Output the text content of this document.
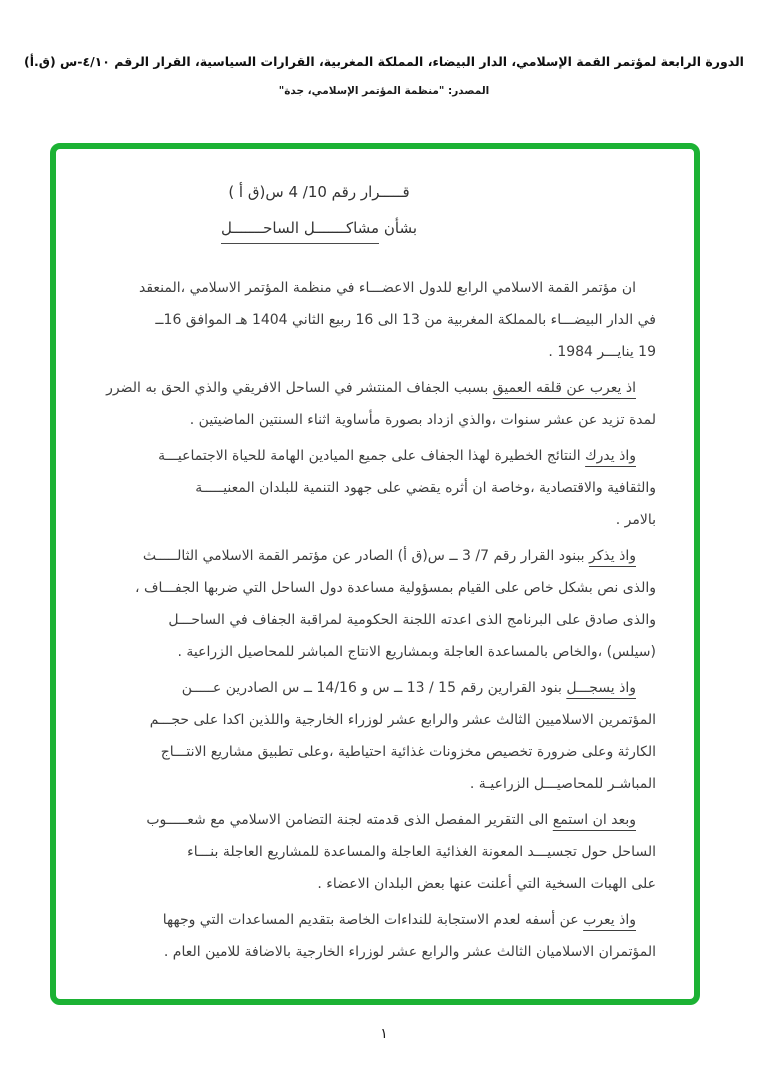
الدورة الرابعة لمؤتمر القمة الإسلامي، الدار البيضاء، المملكة المغربية، القرارات السياسية، القرار الرقم ٤/١٠-س (ق.أ)
المصدر: "منظمة المؤتمر الإسلامي، جدة"
قـــــرار رقم 10/ 4 س(ق أ )
بشأن مشاكـــــــل الساحـــــــل

ان مؤتمر القمة الاسلامي الرابع للدول الاعضـــاء في منظمة المؤتمر الاسلامي ،المنعقد
في الدار البيضـــاء بالمملكة المغربية من 13 الى 16 ربيع الثاني 1404 هـ الموافق 16ــ
19 ينايـــر 1984 .

اذ يعرب عن قلقه العميق بسبب الجفاف المنتشر في الساحل الافريقي والذي الحق به الضرر
لمدة تزيد عن عشر سنوات ،والذي ازداد بصورة مأساوية اثناء السنتين الماضيتين .

واذ يدرك النتائج الخطيرة لهذا الجفاف على جميع الميادين الهامة للحياة الاجتماعيـــة
والثقافية والاقتصادية ،وخاصة ان أثره يقضي على جهود التنمية للبلدان المعنيـــــة
بالامر .

واذ يذكر ببنود القرار رقم 7/ 3 ــ س(ق أ) الصادر عن مؤتمر القمة الاسلامي الثالـــــث
والذى نص بشكل خاص على القيام بمسؤولية مساعدة دول الساحل التي ضربها الجفـــاف ،
والذى صادق على البرنامج الذى اعدته اللجنة الحكومية لمراقبة الجفاف في الساحـــل
(سيلس) ،والخاص بالمساعدة العاجلة وبمشاريع الانتاج المباشر للمحاصيل الزراعية .

واذ يسجـــل بنود القرارين رقم 15 / 13 ــ س و 14/16 ــ س الصادرين عـــــن
المؤتمرين الاسلاميين الثالث عشر والرابع عشر لوزراء الخارجية واللذين اكدا على حجـــم
الكارثة وعلى ضرورة تخصيص مخزونات غذائية احتياطية ،وعلى تطبيق مشاريع الانتـــاج
المباشـر للمحاصيـــل الزراعيـة .

وبعد ان استمع الى التقرير المفصل الذى قدمته لجنة التضامن الاسلامي مع شعـــــوب
الساحل حول تجسيـــد المعونة الغذائية العاجلة والمساعدة للمشاريع العاجلة بنـــاء
على الهبات السخية التي أعلنت عنها بعض البلدان الاعضاء .

واذ يعرب عن أسفه لعدم الاستجابة للنداءات الخاصة بتقديم المساعدات التي وجهها
المؤتمران الاسلاميان الثالث عشر والرابع عشر لوزراء الخارجية بالاضافة للامين العام .

١
